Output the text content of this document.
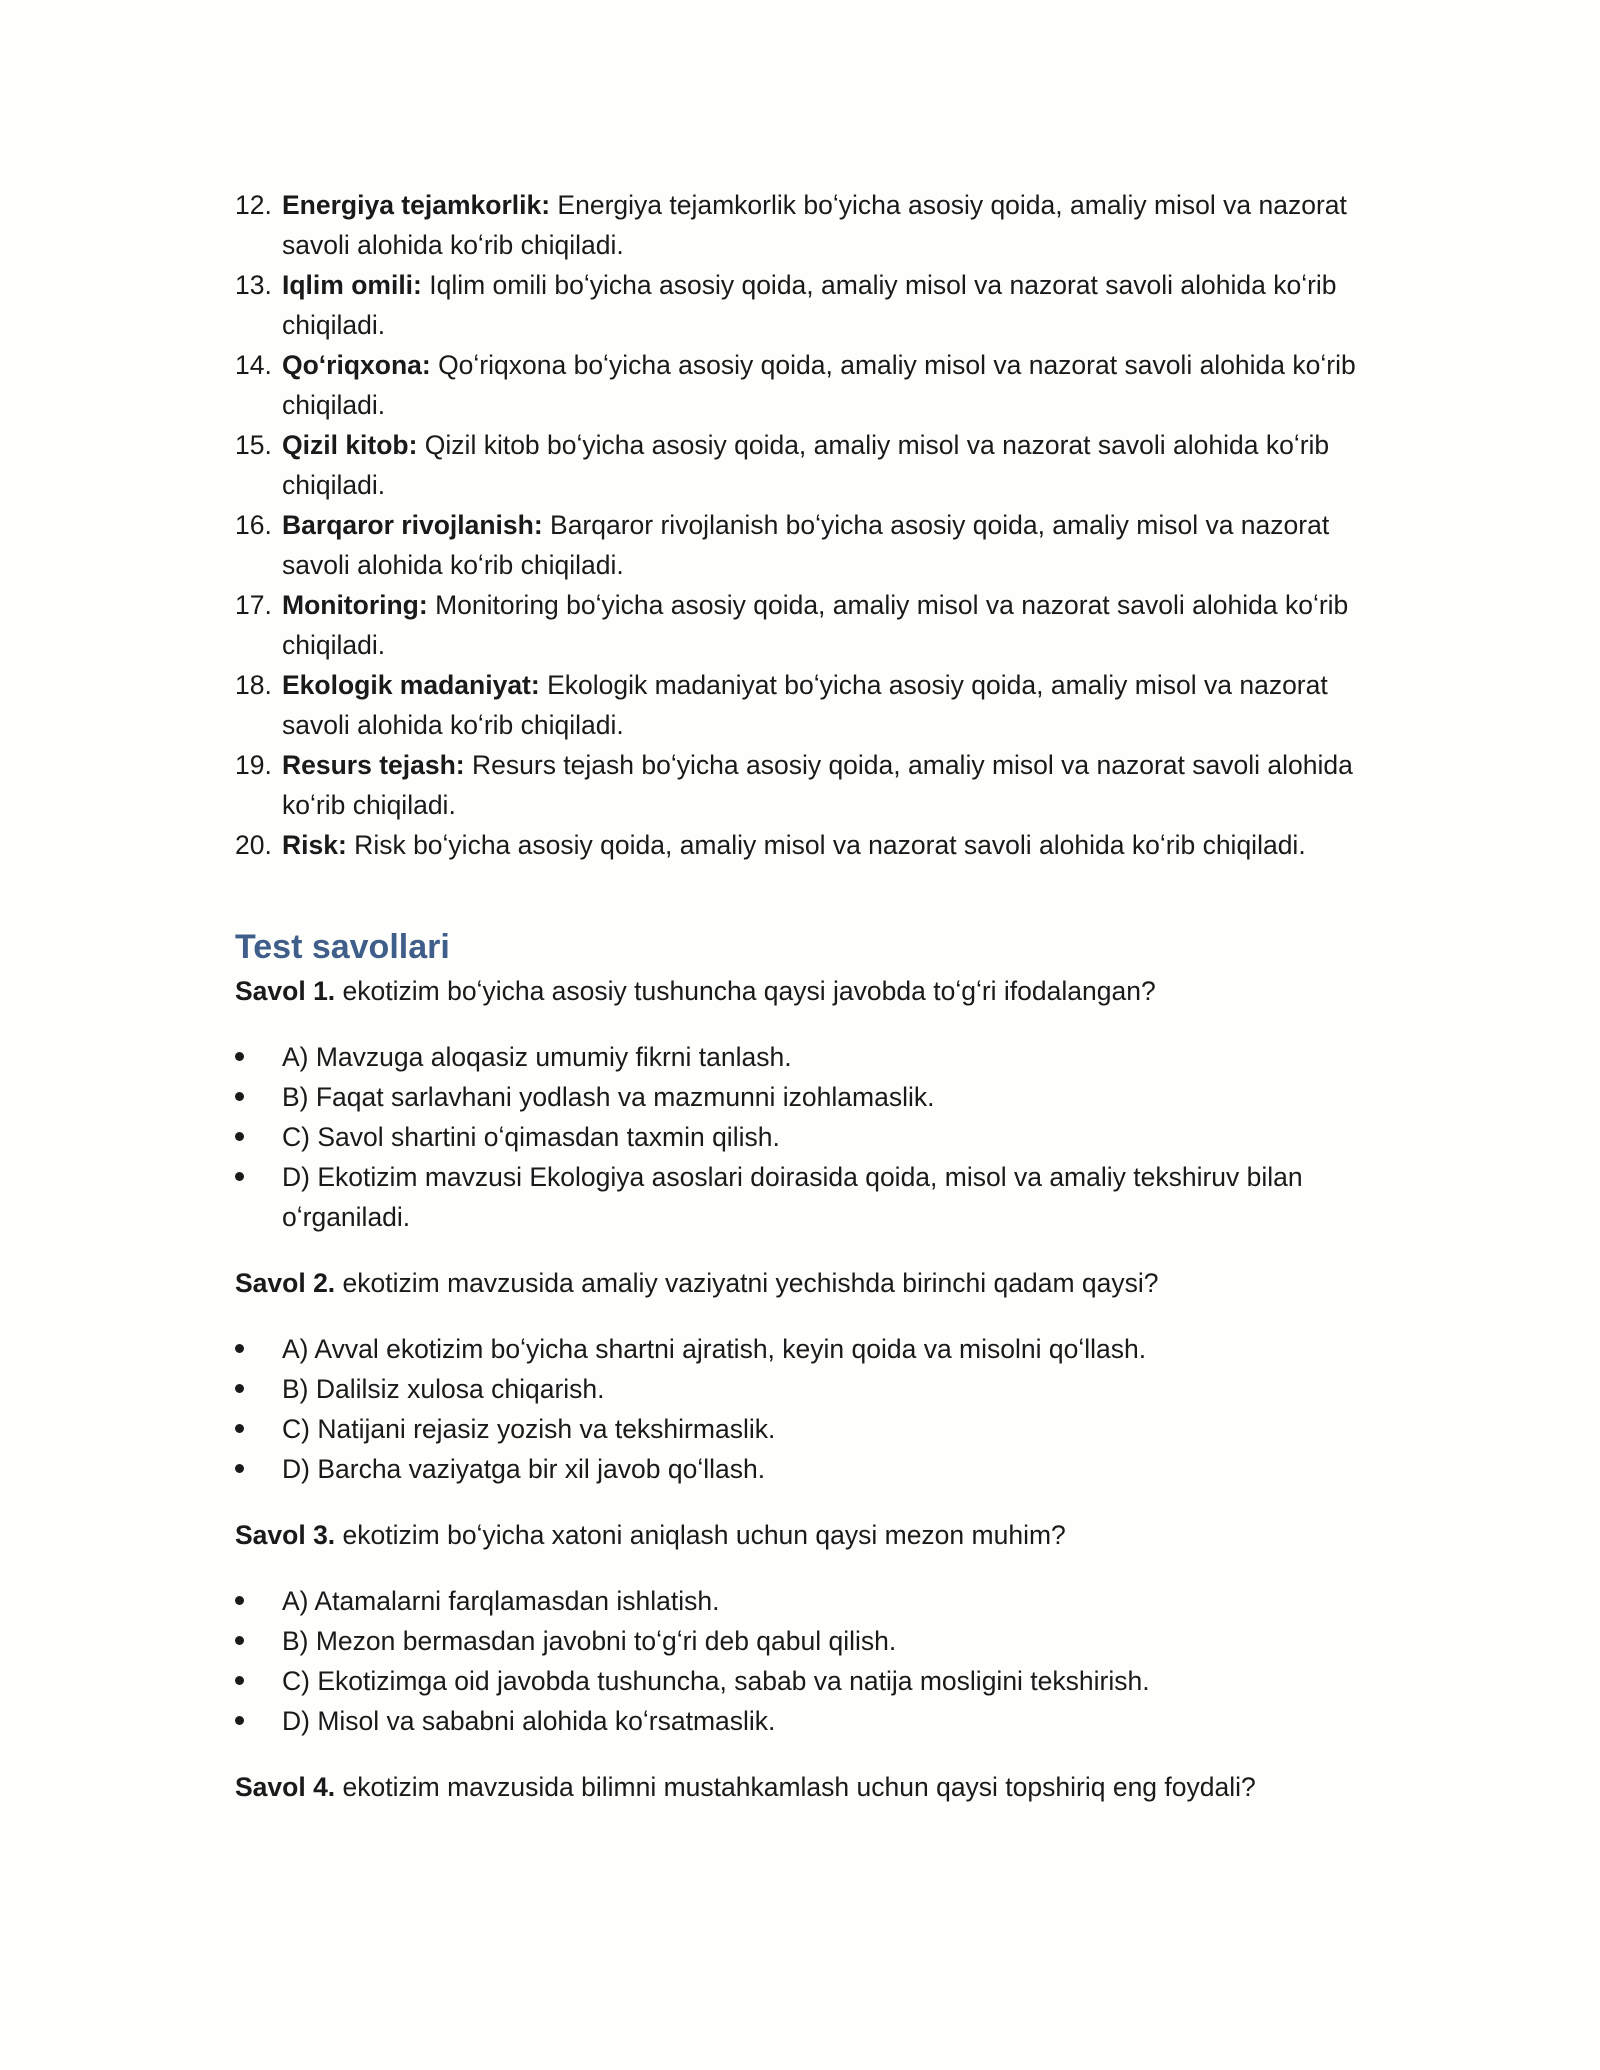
12. Energiya tejamkorlik: Energiya tejamkorlik boʻyicha asosiy qoida, amaliy misol va nazorat savoli alohida koʻrib chiqiladi.
13. Iqlim omili: Iqlim omili boʻyicha asosiy qoida, amaliy misol va nazorat savoli alohida koʻrib chiqiladi.
14. Qoʻriqxona: Qoʻriqxona boʻyicha asosiy qoida, amaliy misol va nazorat savoli alohida koʻrib chiqiladi.
15. Qizil kitob: Qizil kitob boʻyicha asosiy qoida, amaliy misol va nazorat savoli alohida koʻrib chiqiladi.
16. Barqaror rivojlanish: Barqaror rivojlanish boʻyicha asosiy qoida, amaliy misol va nazorat savoli alohida koʻrib chiqiladi.
17. Monitoring: Monitoring boʻyicha asosiy qoida, amaliy misol va nazorat savoli alohida koʻrib chiqiladi.
18. Ekologik madaniyat: Ekologik madaniyat boʻyicha asosiy qoida, amaliy misol va nazorat savoli alohida koʻrib chiqiladi.
19. Resurs tejash: Resurs tejash boʻyicha asosiy qoida, amaliy misol va nazorat savoli alohida koʻrib chiqiladi.
20. Risk: Risk boʻyicha asosiy qoida, amaliy misol va nazorat savoli alohida koʻrib chiqiladi.
Test savollari

Savol 1. ekotizim boʻyicha asosiy tushuncha qaysi javobda toʻgʻri ifodalangan?

A) Mavzuga aloqasiz umumiy fikrni tanlash.
B) Faqat sarlavhani yodlash va mazmunni izohlamaslik.
C) Savol shartini oʻqimasdan taxmin qilish.
D) Ekotizim mavzusi Ekologiya asoslari doirasida qoida, misol va amaliy tekshiruv bilan oʻrganiladi.

Savol 2. ekotizim mavzusida amaliy vaziyatni yechishda birinchi qadam qaysi?

A) Avval ekotizim boʻyicha shartni ajratish, keyin qoida va misolni qoʻllash.
B) Dalilsiz xulosa chiqarish.
C) Natijani rejasiz yozish va tekshirmaslik.
D) Barcha vaziyatga bir xil javob qoʻllash.

Savol 3. ekotizim boʻyicha xatoni aniqlash uchun qaysi mezon muhim?

A) Atamalarni farqlamasdan ishlatish.
B) Mezon bermasdan javobni toʻgʻri deb qabul qilish.
C) Ekotizimga oid javobda tushuncha, sabab va natija mosligini tekshirish.
D) Misol va sababni alohida koʻrsatmaslik.

Savol 4. ekotizim mavzusida bilimni mustahkamlash uchun qaysi topshiriq eng foydali?
